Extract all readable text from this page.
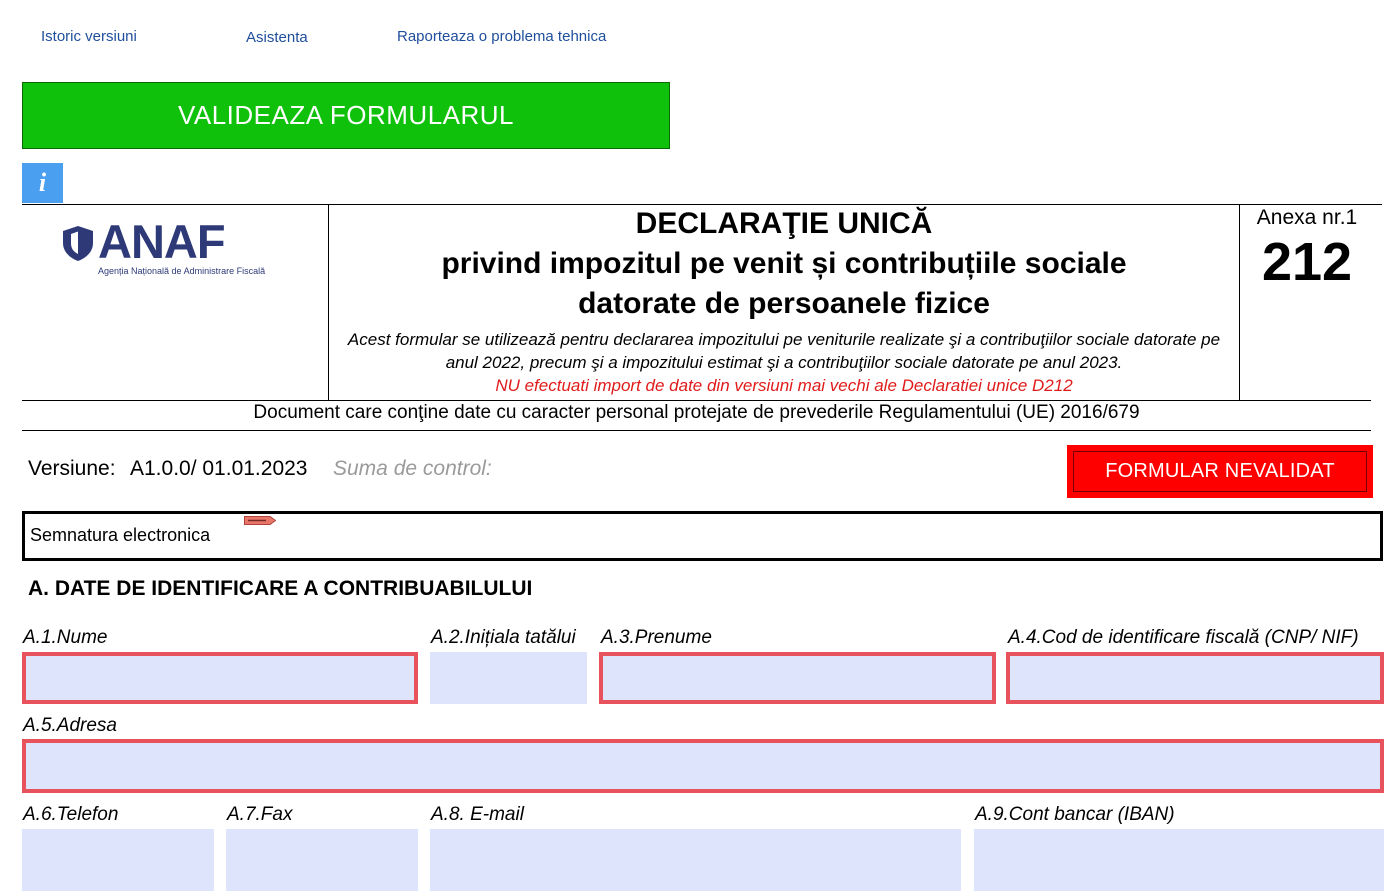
Istoric versiuni	Asistenta	Raporteaza o problema tehnica
VALIDEAZA FORMULARUL
i
ANAF
Agenția Națională de Administrare Fiscală
DECLARAŢIE UNICĂ
privind impozitul pe venit și contribuțiile sociale
datorate de persoanele fizice
Acest formular se utilizează pentru declararea impozitului pe veniturile realizate şi a contribuţiilor sociale datorate pe
anul 2022, precum şi a impozitului estimat şi a contribuţiilor sociale datorate pe anul 2023.
NU efectuati import de date din versiuni mai vechi ale Declaratiei unice D212
Anexa nr.1
212
Document care conţine date cu caracter personal protejate de prevederile Regulamentului (UE) 2016/679
Versiune: A1.0.0/ 01.01.2023 Suma de control:	FORMULAR NEVALIDAT
Semnatura electronica
A. DATE DE IDENTIFICARE A CONTRIBUABILULUI
A.1.Nume	A.2.Inițiala tatălui A.3.Prenume	A.4.Cod de identificare fiscală (CNP/ NIF)
A.5.Adresa
A.6.Telefon	A.7.Fax	A.8. E-mail	A.9.Cont bancar (IBAN)
